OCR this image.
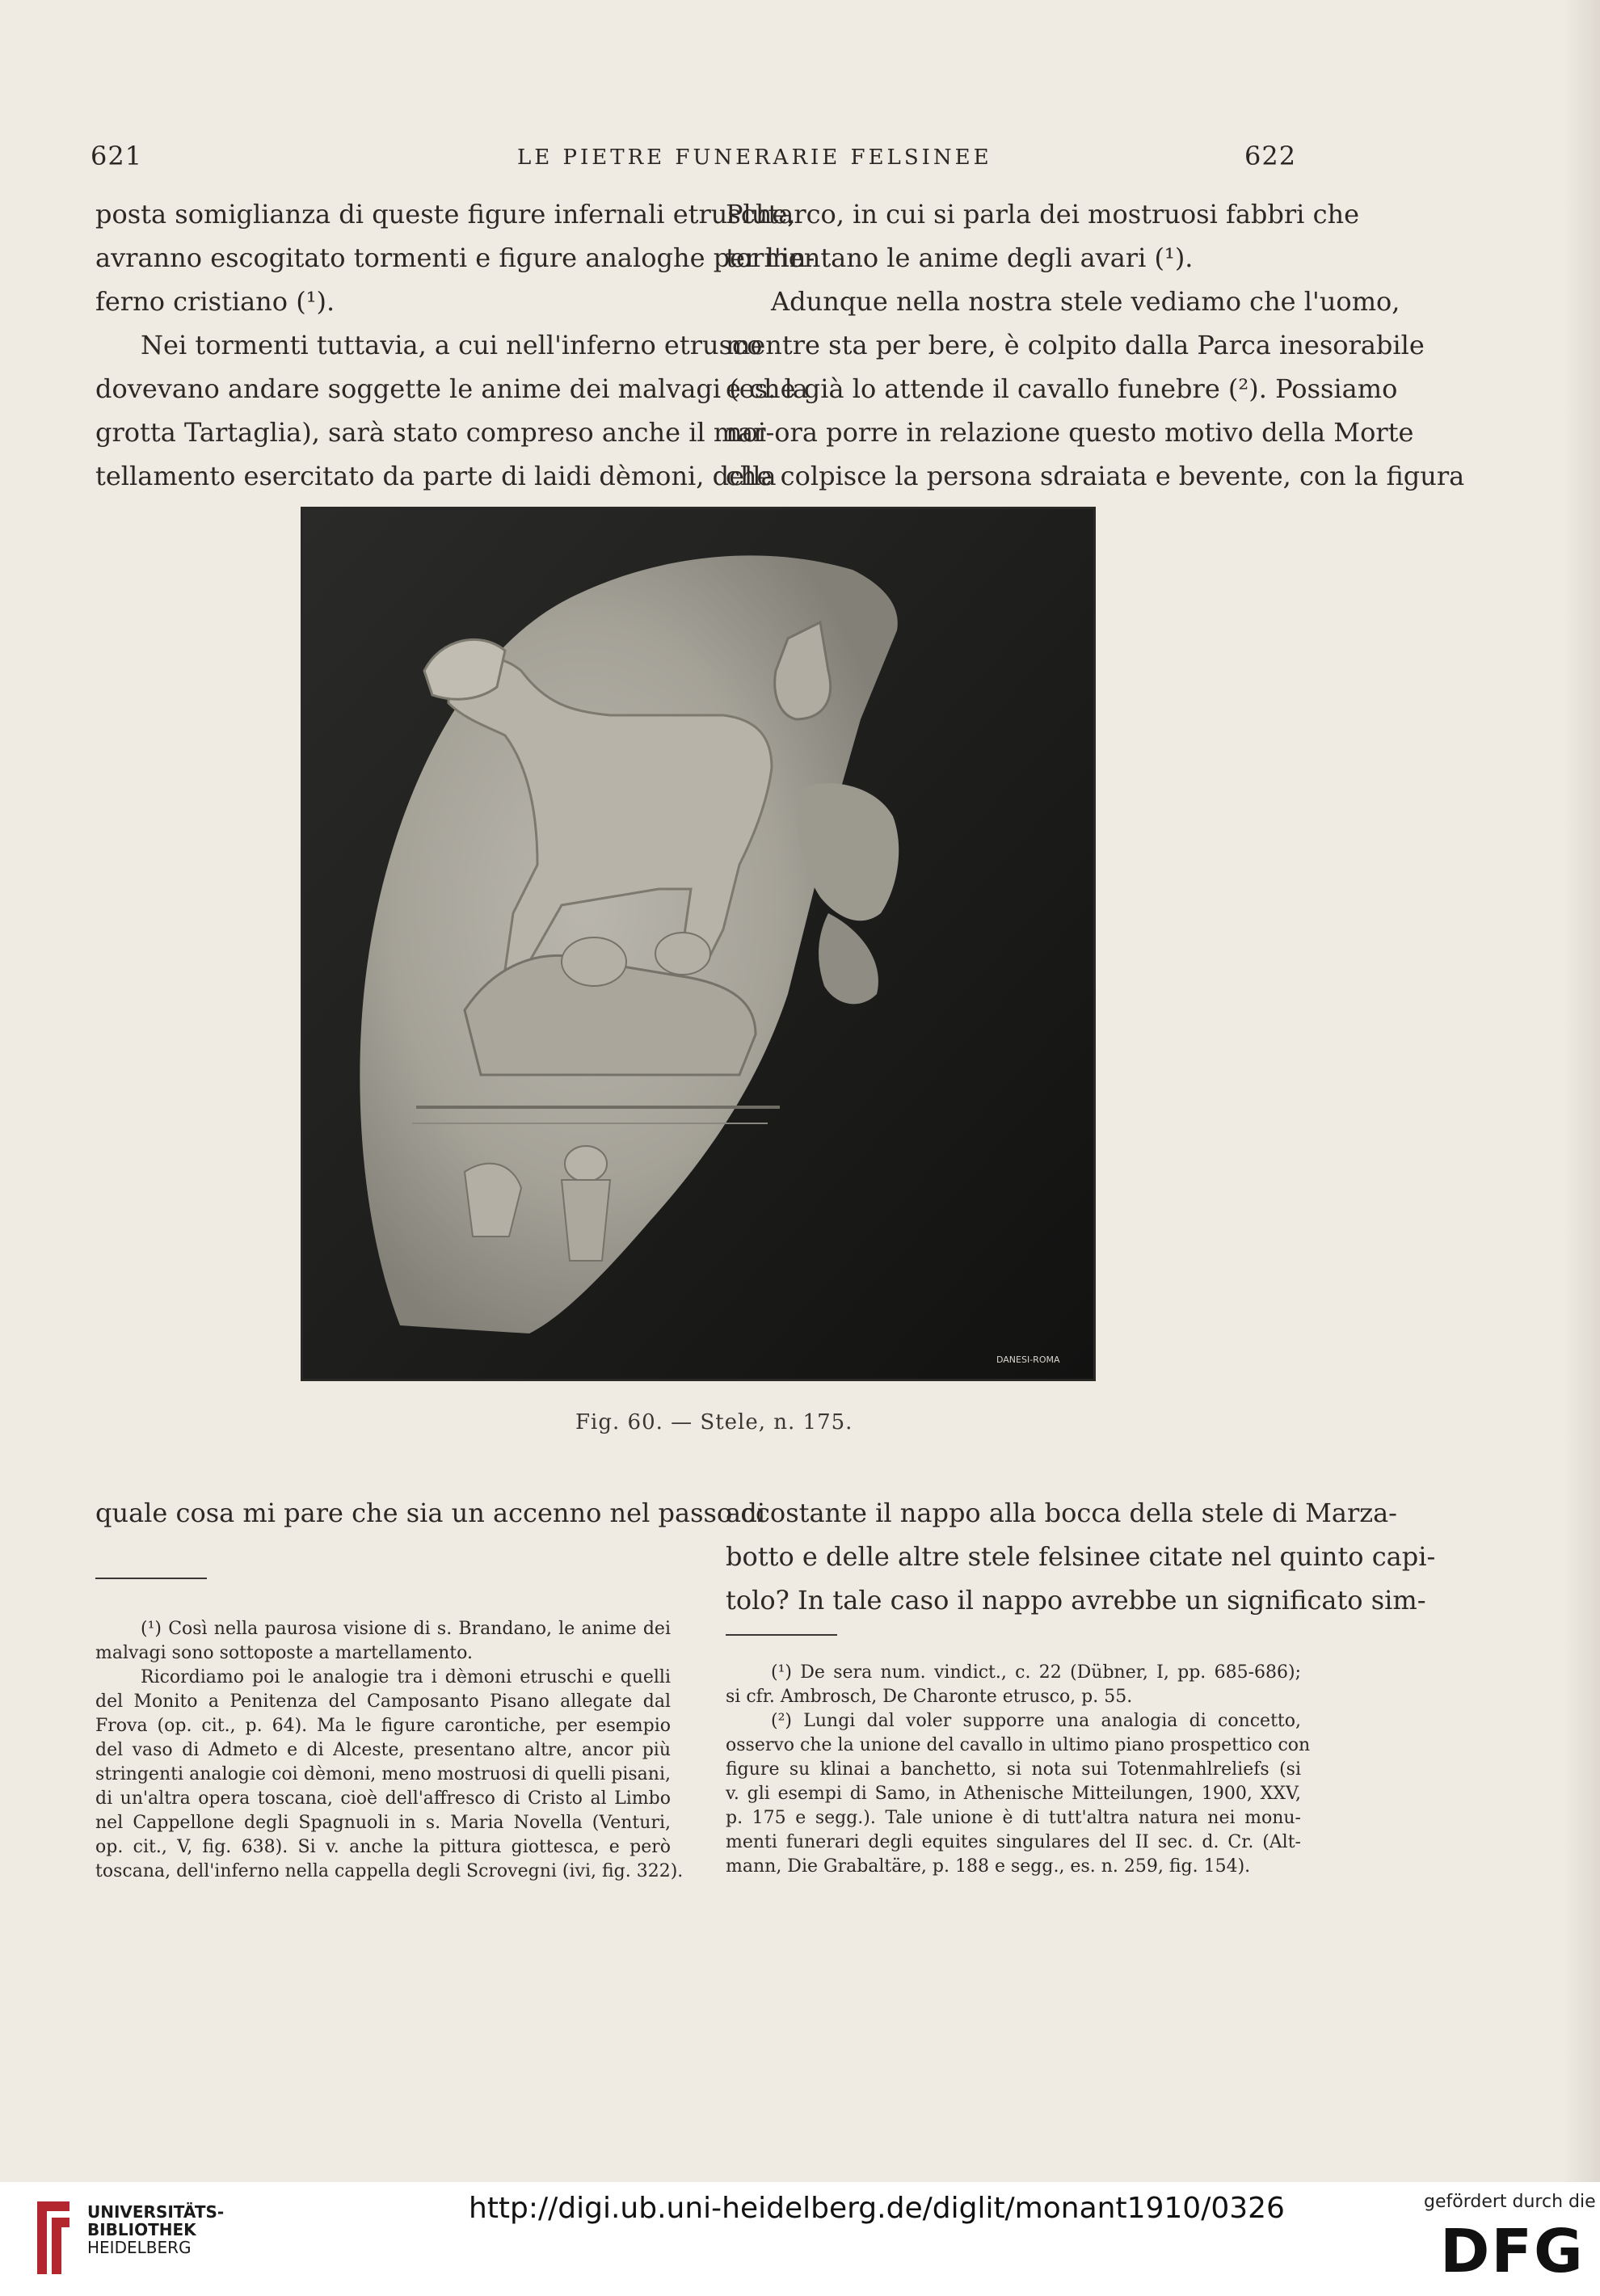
621	LE PIETRE FUNERARIE FELSINEE	622

posta somiglianza di queste figure infernali etrusche,

avranno escogitato tormenti e figure analoghe per l'in-

ferno cristiano (¹).

Nei tormenti tuttavia, a cui nell'inferno etrusco

dovevano andare soggette le anime dei malvagi (es. la

grotta Tartaglia), sarà stato compreso anche il mar-

tellamento esercitato da parte di laidi dèmoni, della

Plutarco, in cui si parla dei mostruosi fabbri che

tormentano le anime degli avari (¹).

Adunque nella nostra stele vediamo che l'uomo,

mentre sta per bere, è colpito dalla Parca inesorabile

e che già lo attende il cavallo funebre (²). Possiamo

noi ora porre in relazione questo motivo della Morte

che colpisce la persona sdraiata e bevente, con la figura

DANESI-ROMA
Fig. 60. — Stele, n. 175.

quale cosa mi pare che sia un accenno nel passo di

accostante il nappo alla bocca della stele di Marza-

botto e delle altre stele felsinee citate nel quinto capi-

tolo? In tale caso il nappo avrebbe un significato sim-

(¹) Così nella paurosa visione di s. Brandano, le anime dei

malvagi sono sottoposte a martellamento.

Ricordiamo poi le analogie tra i dèmoni etruschi e quelli

del Monito a Penitenza del Camposanto Pisano allegate dal

Frova (op. cit., p. 64). Ma le figure carontiche, per esempio

del vaso di Admeto e di Alceste, presentano altre, ancor più

stringenti analogie coi dèmoni, meno mostruosi di quelli pisani,

di un'altra opera toscana, cioè dell'affresco di Cristo al Limbo

nel Cappellone degli Spagnuoli in s. Maria Novella (Venturi,

op. cit., V, fig. 638). Si v. anche la pittura giottesca, e però

toscana, dell'inferno nella cappella degli Scrovegni (ivi, fig. 322).

(¹) De sera num. vindict., c. 22 (Dübner, I, pp. 685-686);

si cfr. Ambrosch, De Charonte etrusco, p. 55.

(²) Lungi dal voler supporre una analogia di concetto,

osservo che la unione del cavallo in ultimo piano prospettico con

figure su klinai a banchetto, si nota sui Totenmahlreliefs (si

v. gli esempi di Samo, in Athenische Mitteilungen, 1900, XXV,

p. 175 e segg.). Tale unione è di tutt'altra natura nei monu-

menti funerari degli equites singulares del II sec. d. Cr. (Alt-

mann, Die Grabaltäre, p. 188 e segg., es. n. 259, fig. 154).

UNIVERSITÄTS-
BIBLIOTHEK
HEIDELBERG
http://digi.ub.uni-heidelberg.de/diglit/monant1910/0326	gefördert durch die
DFG
